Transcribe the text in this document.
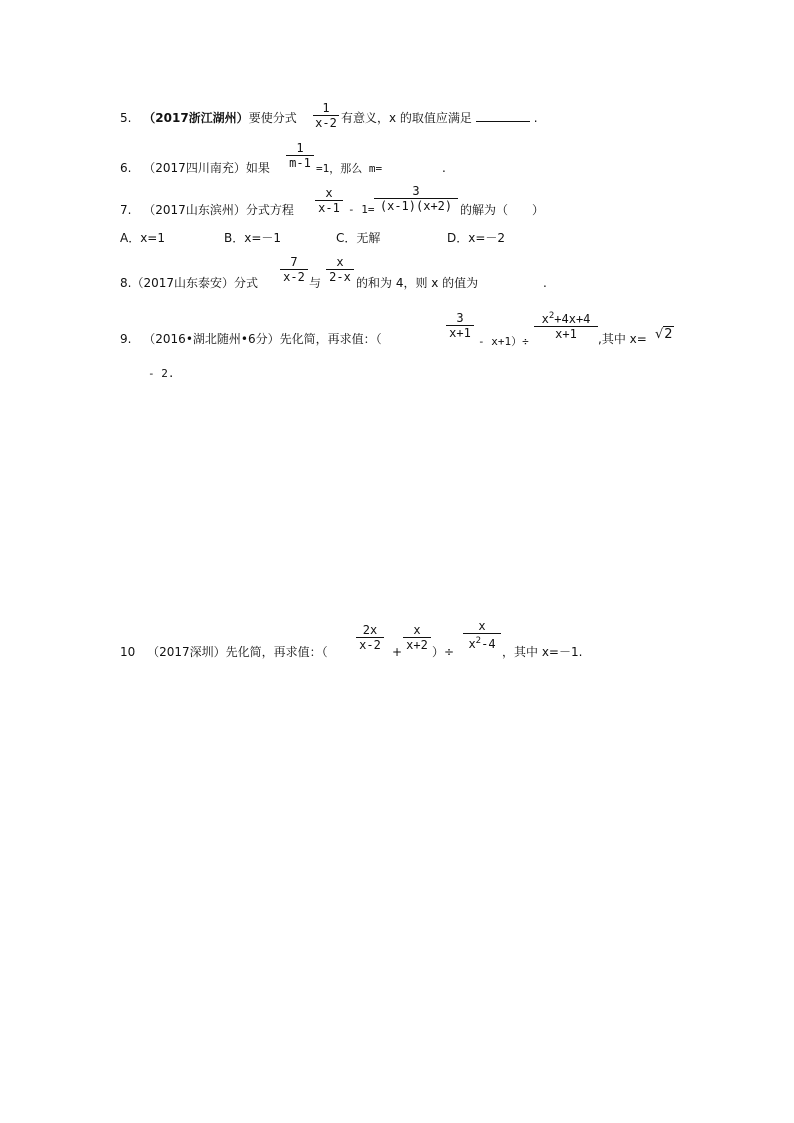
5. （2017浙江湖州）要使分式
1
x-2 有意义，x 的取值应满足	.
6. （2017四川南充）如果
1
m-1 =1，那么 m=	.
7. （2017山东滨州）分式方程
x
x-1 - 1=
3
(x-1)(x+2) 的解为（　　）
A．x=1	B．x=－1	C．无解	D．x=－2
8.（2017山东泰安）分式
7
x-2 与
x
2-x 的和为 4，则 x 的值为	.
9. （2016•湖北随州•6分）先化简，再求值：（
3
x+1
- x+1）÷
$x^2+4x+4$
x+1	,其中 x= √2
- 2.
10 （2017深圳）先化简，再求值：（
2x
x-2 +
x
x+2 ）÷
x
$x^2-4$
，其中 x=－1.
